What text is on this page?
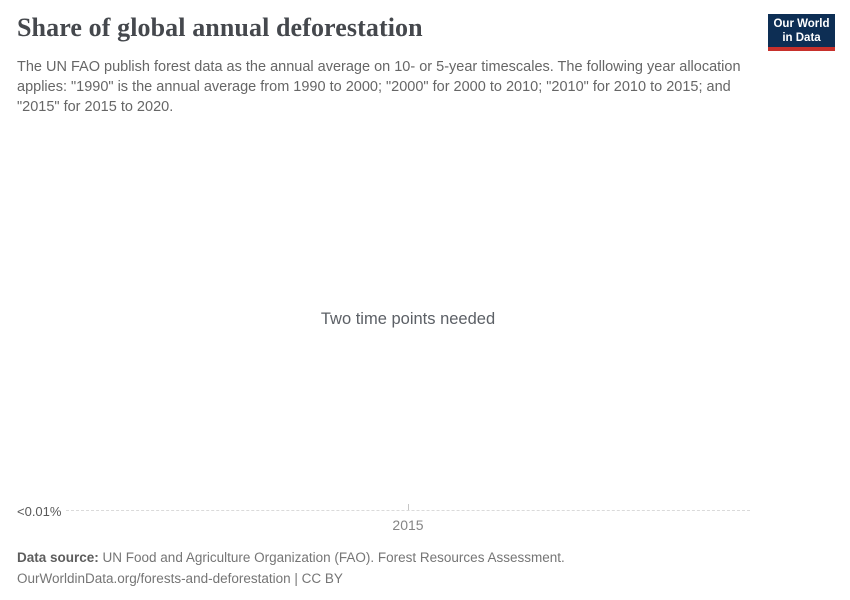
Share of global annual deforestation

The UN FAO publish forest data as the annual average on 10- or 5-year timescales. The following year allocation applies: "1990" is the annual average from 1990 to 2000; "2000" for 2000 to 2010; "2010" for 2010 to 2015; and "2015" for 2015 to 2020.

Our World
in Data
Two time points needed
<0.01%
2015

Data source: UN Food and Agriculture Organization (FAO). Forest Resources Assessment.

OurWorldinData.org/forests-and-deforestation | CC BY
